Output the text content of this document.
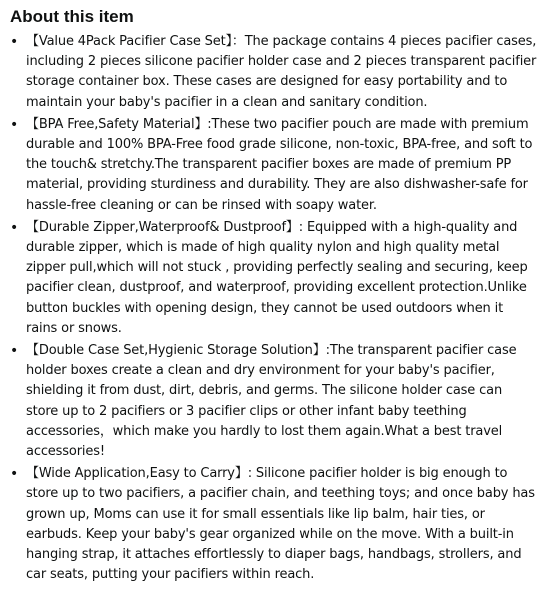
About this item
• 【Value 4Pack Pacifier Case Set】：The package contains 4 pieces pacifier cases, including 2 pieces silicone pacifier holder case and 2 pieces transparent pacifier storage container box. These cases are designed for easy portability and to maintain your baby's pacifier in a clean and sanitary condition.
• 【BPA Free,Safety Material】:These two pacifier pouch are made with premium durable and 100% BPA-Free food grade silicone, non-toxic, BPA-free, and soft to the touch& stretchy.The transparent pacifier boxes are made of premium PP material, providing sturdiness and durability. They are also dishwasher-safe for hassle-free cleaning or can be rinsed with soapy water.
• 【Durable Zipper,Waterproof& Dustproof】: Equipped with a high-quality and durable zipper, which is made of high quality nylon and high quality metal zipper pull,which will not stuck , providing perfectly sealing and securing, keep pacifier clean, dustproof, and waterproof, providing excellent protection.Unlike button buckles with opening design, they cannot be used outdoors when it rains or snows.
• 【Double Case Set,Hygienic Storage Solution】:The transparent pacifier case holder boxes create a clean and dry environment for your baby's pacifier, shielding it from dust, dirt, debris, and germs. The silicone holder case can store up to 2 pacifiers or 3 pacifier clips or other infant baby teething accessories，which make you hardly to lost them again.What a best travel accessories!
• 【Wide Application,Easy to Carry】: Silicone pacifier holder is big enough to store up to two pacifiers, a pacifier chain, and teething toys; and once baby has grown up, Moms can use it for small essentials like lip balm, hair ties, or earbuds. Keep your baby's gear organized while on the move. With a built-in hanging strap, it attaches effortlessly to diaper bags, handbags, strollers, and car seats, putting your pacifiers within reach.
